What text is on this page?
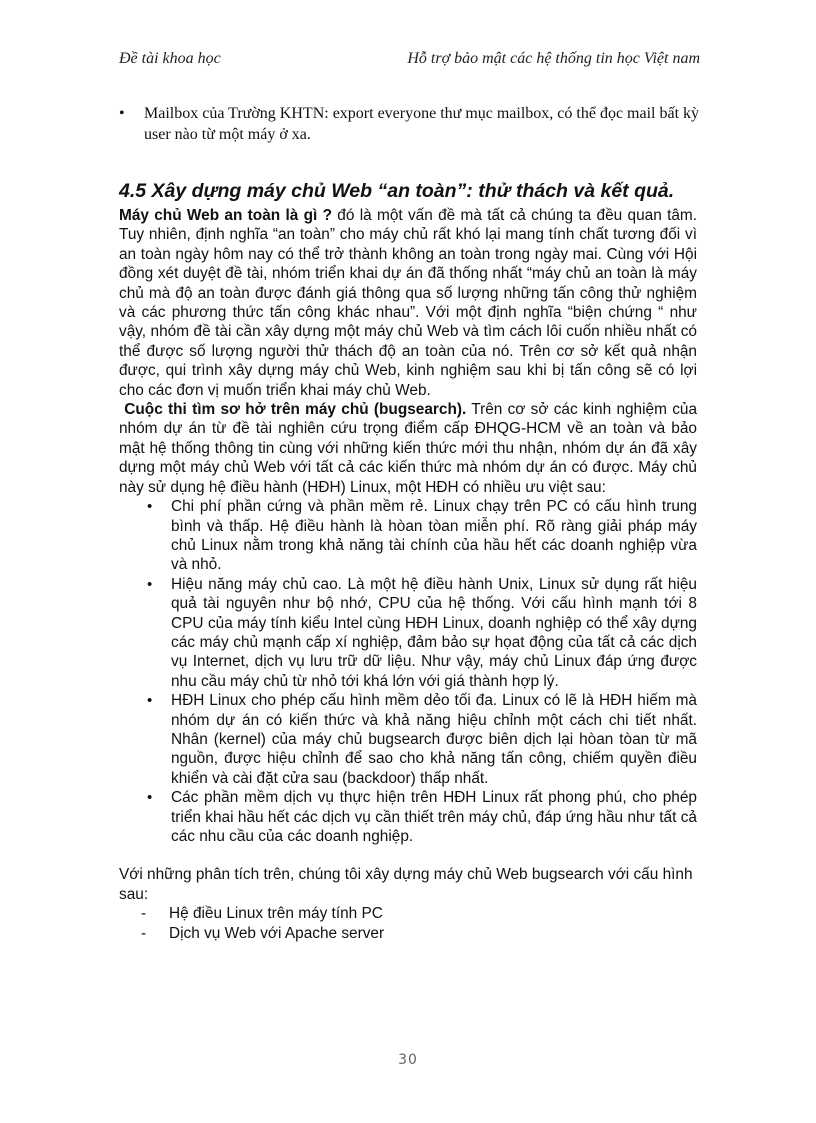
Đề tài khoa học	Hỗ trợ bảo mật các hệ thống tin học Việt nam
•	Mailbox của Trường KHTN: export everyone thư mục mailbox, có thể đọc mail bất kỳ user nào từ một máy ở xa.
4.5 Xây dựng máy chủ Web “an toàn”: thử thách và kết quả.

Máy chủ Web an toàn là gì ? đó là một vấn đề mà tất cả chúng ta đều quan tâm. Tuy nhiên, định nghĩa “an toàn” cho máy chủ rất khó lại mang tính chất tương đối vì an toàn ngày hôm nay có thể trở thành không an toàn trong ngày mai. Cùng với Hội đồng xét duyệt đề tài, nhóm triển khai dự án đã thống nhất “máy chủ an toàn là máy chủ mà độ an toàn được đánh giá thông qua số lượng những tấn công thử nghiệm và các phương thức tấn công khác nhau”. Với một định nghĩa “biện chứng “ như vậy, nhóm đề tài cần xây dựng một máy chủ Web và tìm cách lôi cuốn nhiều nhất có thể được số lượng người thử thách độ an toàn của nó. Trên cơ sở kết quả nhận được, qui trình xây dựng máy chủ Web, kinh nghiệm sau khi bị tấn công sẽ có lợi cho các đơn vị muốn triển khai máy chủ Web.

Cuộc thi tìm sơ hở trên máy chủ (bugsearch). Trên cơ sở các kinh nghiệm của nhóm dự án từ đề tài nghiên cứu trọng điểm cấp ĐHQG-HCM về an toàn và bảo mật hệ thống thông tin cùng với những kiến thức mới thu nhận, nhóm dự án đã xây dựng một máy chủ Web với tất cả các kiến thức mà nhóm dự án có được. Máy chủ này sử dụng hệ điều hành (HĐH) Linux, một HĐH có nhiều ưu việt sau:

• Chi phí phần cứng và phần mềm rẻ. Linux chạy trên PC có cấu hình trung bình và thấp. Hệ điều hành là hòan tòan miễn phí. Rõ ràng giải pháp máy chủ Linux nằm trong khả năng tài chính của hầu hết các doanh nghiệp vừa và nhỏ.
• Hiệu năng máy chủ cao. Là một hệ điều hành Unix, Linux sử dụng rất hiệu quả tài nguyên như bộ nhớ, CPU của hệ thống. Với cấu hình mạnh tới 8 CPU của máy tính kiểu Intel cùng HĐH Linux, doanh nghiệp có thể xây dựng các máy chủ mạnh cấp xí nghiệp, đảm bảo sự họat động của tất cả các dịch vụ Internet, dịch vụ lưu trữ dữ liệu. Như vậy, máy chủ Linux đáp ứng được nhu cầu máy chủ từ nhỏ tới khá lớn với giá thành hợp lý.
• HĐH Linux cho phép cấu hình mềm dẻo tối đa. Linux có lẽ là HĐH hiếm mà nhóm dự án có kiến thức và khả năng hiệu chỉnh một cách chi tiết nhất. Nhân (kernel) của máy chủ bugsearch được biên dịch lại hòan tòan từ mã nguồn, được hiệu chỉnh để sao cho khả năng tấn công, chiếm quyền điều khiển và cài đặt cửa sau (backdoor) thấp nhất.
• Các phần mềm dịch vụ thực hiện trên HĐH Linux rất phong phú, cho phép triển khai hầu hết các dịch vụ cần thiết trên máy chủ, đáp ứng hầu như tất cả các nhu cầu của các doanh nghiệp.

Với những phân tích trên, chúng tôi xây dựng máy chủ Web bugsearch với cấu hình sau:

- Hệ điều Linux trên máy tính PC
- Dịch vụ Web với Apache server
30
